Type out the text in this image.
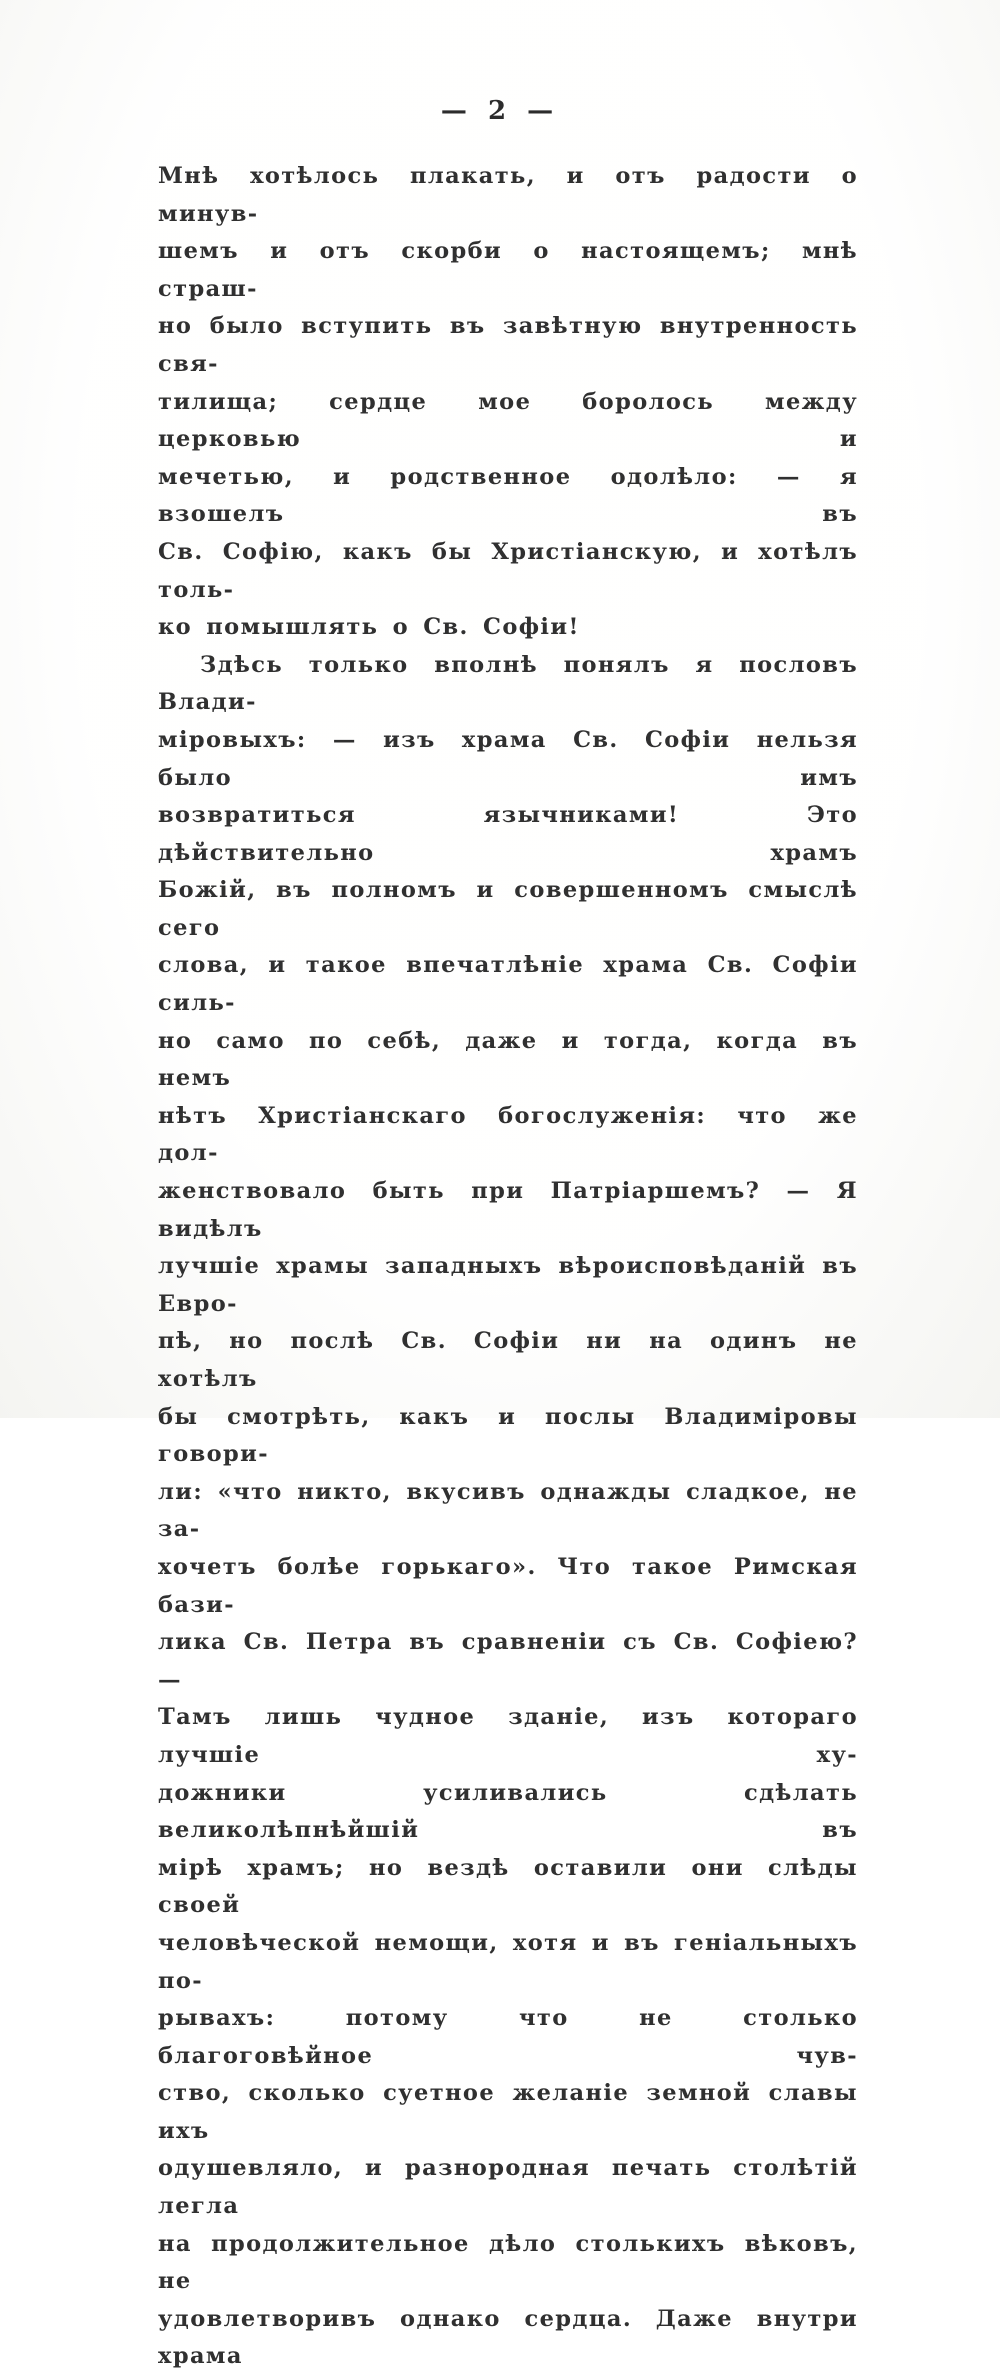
— 2 —
Мнѣ хотѣлось плакать, и отъ радости о минув-
шемъ и отъ скорби о настоящемъ; мнѣ страш-
но было вступить въ завѣтную внутренность свя-
тилища; сердце мое боролось между церковью и
мечетью, и родственное одолѣло: — я взошелъ въ
Св. Софію, какъ бы Христіанскую, и хотѣлъ толь-
ко помышлять о Св. Софіи!
Здѣсь только вполнѣ понялъ я пословъ Влади-
міровыхъ: — изъ храма Св. Софіи нельзя было имъ
возвратиться язычниками! Это дѣйствительно храмъ
Божій, въ полномъ и совершенномъ смыслѣ сего
слова, и такое впечатлѣніе храма Св. Софіи силь-
но само по себѣ, даже и тогда, когда въ немъ
нѣтъ Христіанскаго богослуженія: что же дол-
женствовало быть при Патріаршемъ? — Я видѣлъ
лучшіе храмы западныхъ вѣроисповѣданій въ Евро-
пѣ, но послѣ Св. Софіи ни на одинъ не хотѣлъ
бы смотрѣть, какъ и послы Владиміровы говори-
ли: «что никто, вкусивъ однажды сладкое, не за-
хочетъ болѣе горькаго». Что такое Римская бази-
лика Св. Петра въ сравненіи съ Св. Софіею? —
Тамъ лишь чудное зданіе, изъ котораго лучшіе ху-
дожники усиливались сдѣлать великолѣпнѣйшій въ
мірѣ храмъ; но вездѣ оставили они слѣды своей
человѣческой немощи, хотя и въ геніальныхъ по-
рывахъ: потому что не столько благоговѣйное чув-
ство, сколько суетное желаніе земной славы ихъ
одушевляло, и разнородная печать столѣтій легла
на продолжительное дѣло столькихъ вѣковъ, не
удовлетворивъ однако сердца. Даже внутри храма
